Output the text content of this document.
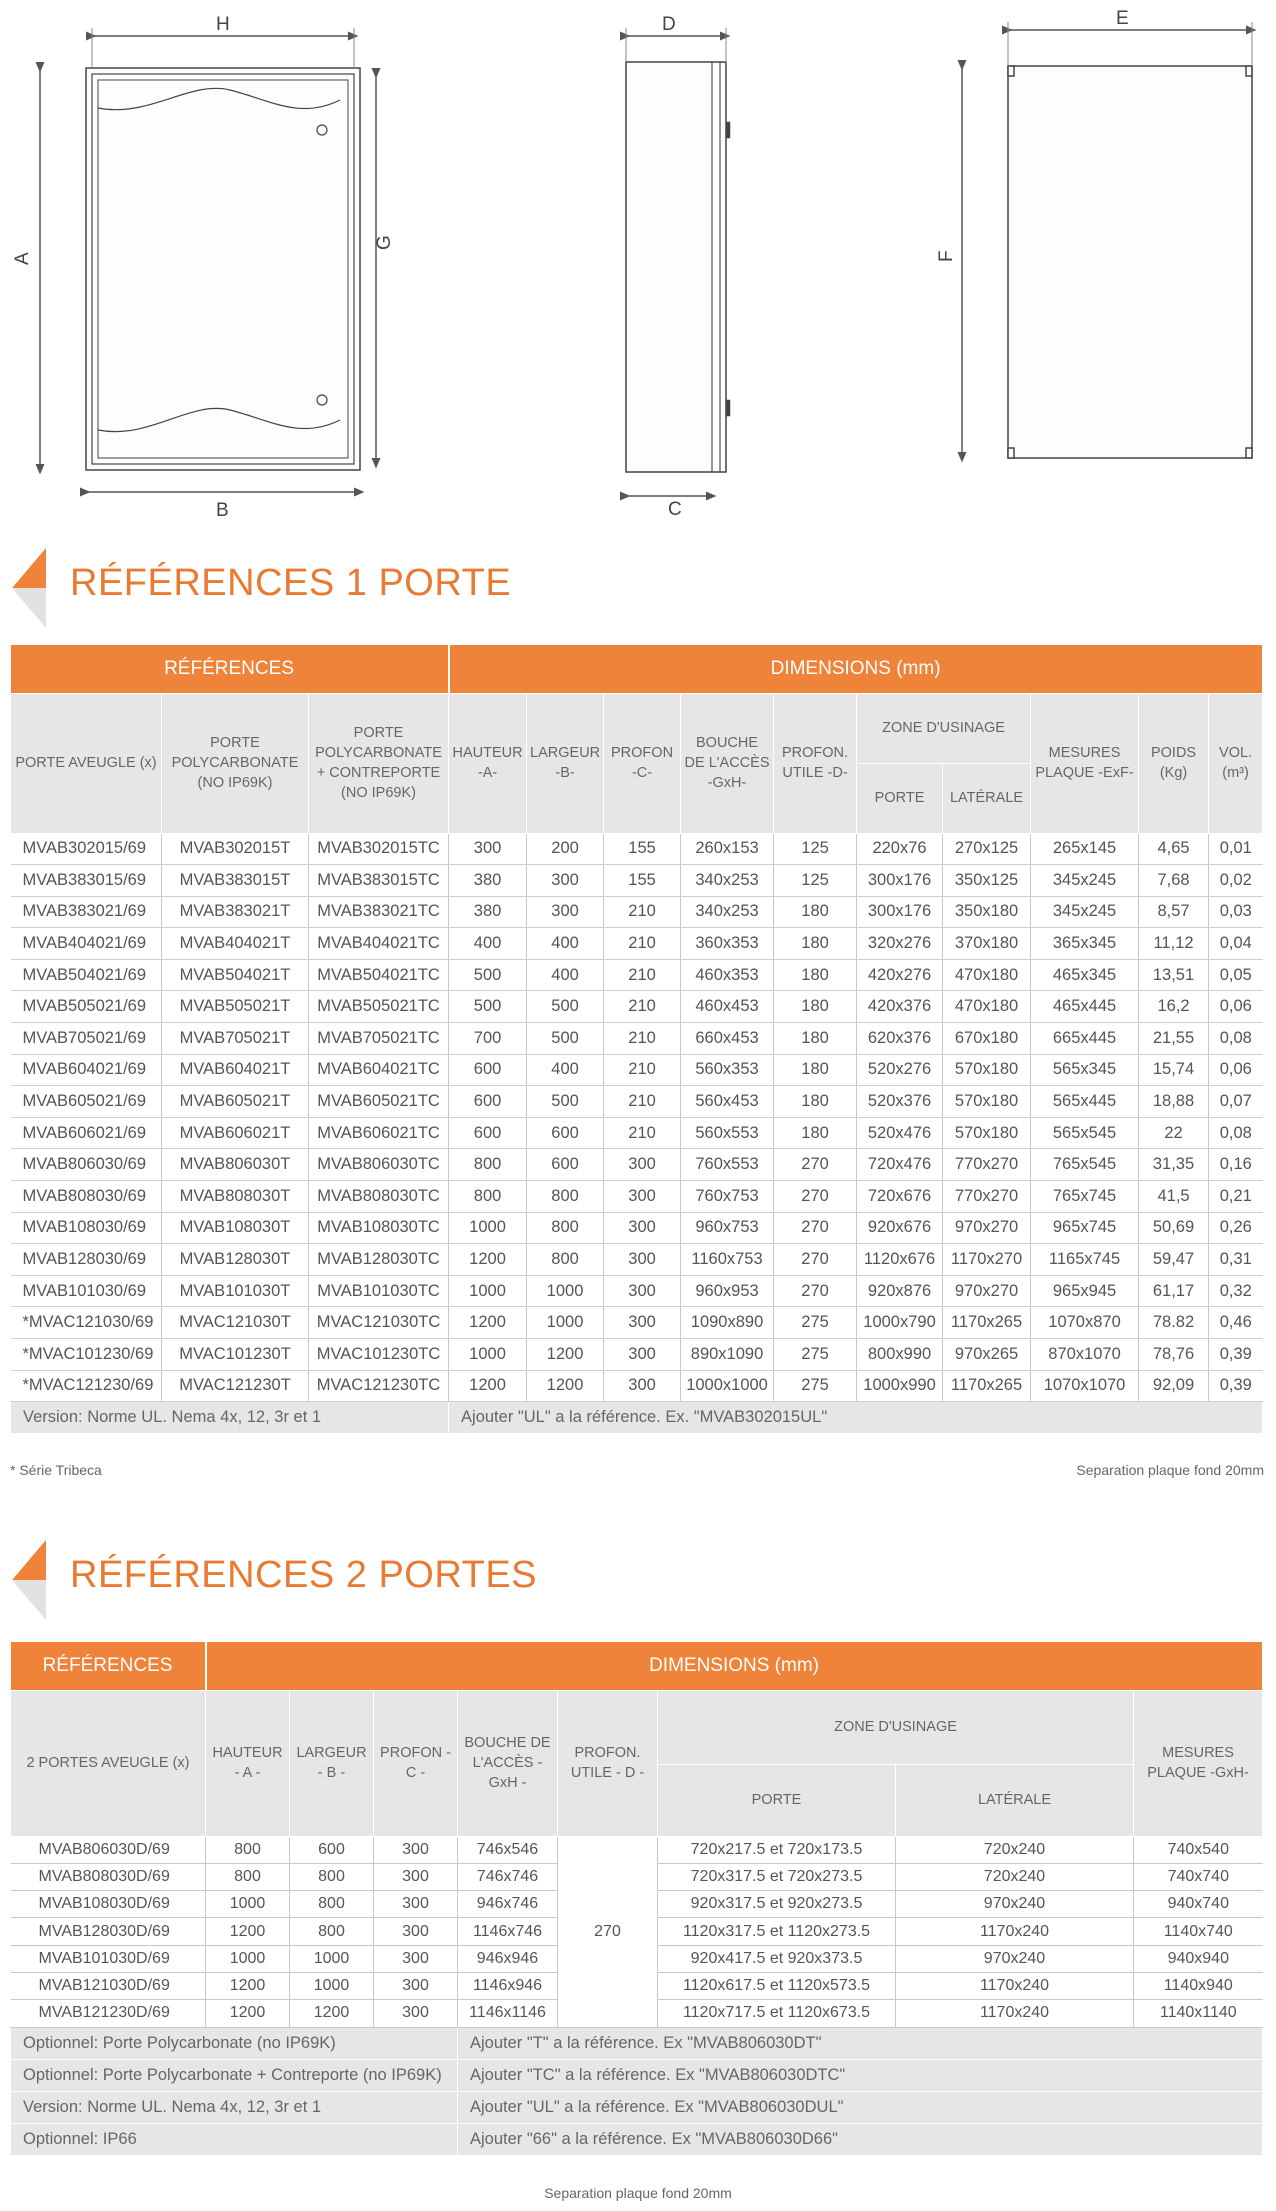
H
A
G
B
D
C
E
F
RÉFÉRENCES 1 PORTE
RÉFÉRENCES			DIMENSIONS (mm)									
PORTE AVEUGLE (x)	PORTE POLYCARBONATE (NO IP69K)	PORTE POLYCARBONATE + CONTREPORTE (NO IP69K)	HAUTEUR -A-	LARGEUR -B-	PROFON -C-	BOUCHE DE L'ACCÈS -GxH-	PROFON. UTILE -D-	ZONE D'USINAGE		MESURES PLAQUE -ExF-	POIDS (Kg)	VOL. (m³)
								PORTE	LATÉRALE			
MVAB302015/69	MVAB302015T	MVAB302015TC	300	200	155	260x153	125	220x76	270x125	265x145	4,65	0,01
MVAB383015/69	MVAB383015T	MVAB383015TC	380	300	155	340x253	125	300x176	350x125	345x245	7,68	0,02
MVAB383021/69	MVAB383021T	MVAB383021TC	380	300	210	340x253	180	300x176	350x180	345x245	8,57	0,03
MVAB404021/69	MVAB404021T	MVAB404021TC	400	400	210	360x353	180	320x276	370x180	365x345	11,12	0,04
MVAB504021/69	MVAB504021T	MVAB504021TC	500	400	210	460x353	180	420x276	470x180	465x345	13,51	0,05
MVAB505021/69	MVAB505021T	MVAB505021TC	500	500	210	460x453	180	420x376	470x180	465x445	16,2	0,06
MVAB705021/69	MVAB705021T	MVAB705021TC	700	500	210	660x453	180	620x376	670x180	665x445	21,55	0,08
MVAB604021/69	MVAB604021T	MVAB604021TC	600	400	210	560x353	180	520x276	570x180	565x345	15,74	0,06
MVAB605021/69	MVAB605021T	MVAB605021TC	600	500	210	560x453	180	520x376	570x180	565x445	18,88	0,07
MVAB606021/69	MVAB606021T	MVAB606021TC	600	600	210	560x553	180	520x476	570x180	565x545	22	0,08
MVAB806030/69	MVAB806030T	MVAB806030TC	800	600	300	760x553	270	720x476	770x270	765x545	31,35	0,16
MVAB808030/69	MVAB808030T	MVAB808030TC	800	800	300	760x753	270	720x676	770x270	765x745	41,5	0,21
MVAB108030/69	MVAB108030T	MVAB108030TC	1000	800	300	960x753	270	920x676	970x270	965x745	50,69	0,26
MVAB128030/69	MVAB128030T	MVAB128030TC	1200	800	300	1160x753	270	1120x676	1170x270	1165x745	59,47	0,31
MVAB101030/69	MVAB101030T	MVAB101030TC	1000	1000	300	960x953	270	920x876	970x270	965x945	61,17	0,32
*MVAC121030/69	MVAC121030T	MVAC121030TC	1200	1000	300	1090x890	275	1000x790	1170x265	1070x870	78.82	0,46
*MVAC101230/69	MVAC101230T	MVAC101230TC	1000	1200	300	890x1090	275	800x990	970x265	870x1070	78,76	0,39
*MVAC121230/69	MVAC121230T	MVAC121230TC	1200	1200	300	1000x1000	275	1000x990	1170x265	1070x1070	92,09	0,39
Version: Norme UL. Nema 4x, 12, 3r et 1			Ajouter "UL" a la référence. Ex. "MVAB302015UL"									
* Série Tribeca	Separation plaque fond 20mm
RÉFÉRENCES 2 PORTES
RÉFÉRENCES	DIMENSIONS (mm)							
2 PORTES AVEUGLE (x)	HAUTEUR - A -	LARGEUR - B -	PROFON - C -	BOUCHE DE L'ACCÈS - GxH -	PROFON. UTILE - D -	ZONE D'USINAGE		MESURES PLAQUE -GxH-
						PORTE	LATÉRALE	
MVAB806030D/69	800	600	300	746x546	270	720x217.5 et 720x173.5	720x240	740x540
MVAB808030D/69	800	800	300	746x746		720x317.5 et 720x273.5	720x240	740x740
MVAB108030D/69	1000	800	300	946x746		920x317.5 et 920x273.5	970x240	940x740
MVAB128030D/69	1200	800	300	1146x746		1120x317.5 et 1120x273.5	1170x240	1140x740
MVAB101030D/69	1000	1000	300	946x946		920x417.5 et 920x373.5	970x240	940x940
MVAB121030D/69	1200	1000	300	1146x946		1120x617.5 et 1120x573.5	1170x240	1140x940
MVAB121230D/69	1200	1200	300	1146x1146		1120x717.5 et 1120x673.5	1170x240	1140x1140
Optionnel: Porte Polycarbonate (no IP69K)				Ajouter "T" a la référence. Ex "MVAB806030DT"				
Optionnel: Porte Polycarbonate + Contreporte (no IP69K)				Ajouter "TC" a la référence. Ex "MVAB806030DTC"				
Version: Norme UL. Nema 4x, 12, 3r et 1				Ajouter "UL" a la référence. Ex "MVAB806030DUL"				
Optionnel: IP66				Ajouter "66" a la référence. Ex "MVAB806030D66"				
Separation plaque fond 20mm
